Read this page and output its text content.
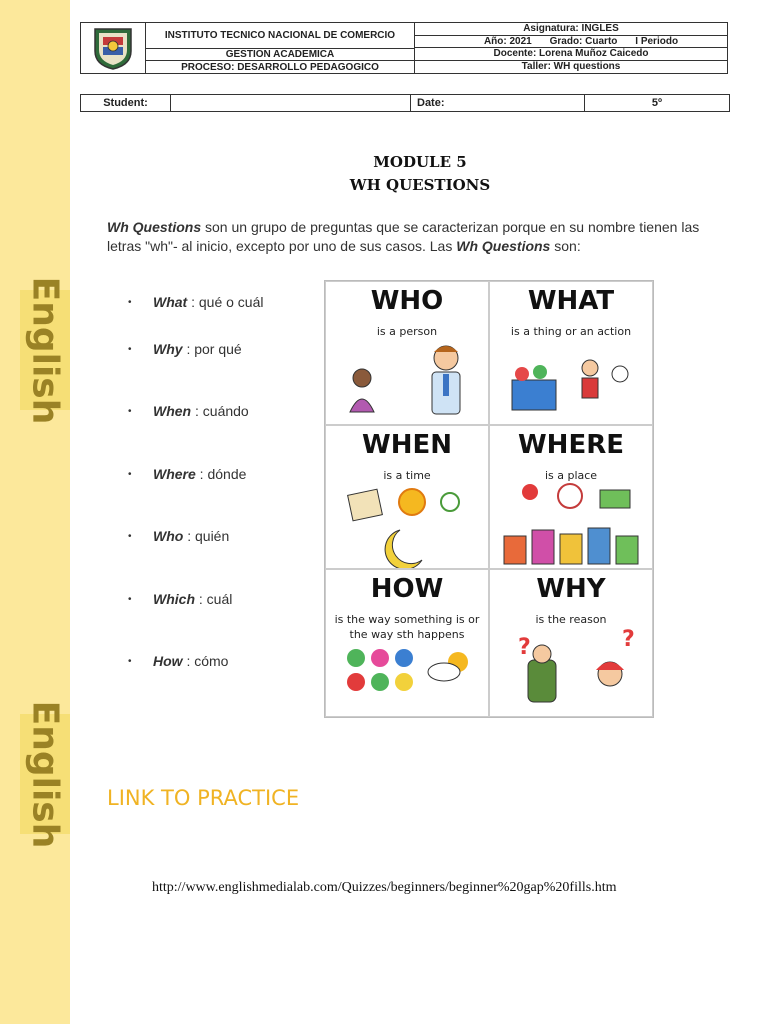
English
English
INSTITUTO TECNICO NACIONAL DE COMERCIO
GESTION ACADEMICA
PROCESO: DESARROLLO PEDAGOGICO
Asignatura: INGLES
Año: 2021 Grado: Cuarto I Periodo
Docente: Lorena Muñoz Caicedo
Taller: WH questions
Student:	Date:	5º
MODULE 5
WH QUESTIONS
Wh Questions son un grupo de preguntas que se caracterizan porque en su nombre tienen las letras "wh"- al inicio, excepto por uno de sus casos. Las Wh Questions son:
• What : qué o cuál
• Why : por qué
• When : cuándo
• Where : dónde
• Who : quién
• Which : cuál
• How : cómo
WHO
is a person
WHAT
is a thing or an action
WHEN
is a time
WHERE
is a place
HOW
is the way something is or the way sth happens
?	?
WHY
is the reason
LINK TO PRACTICE
http://www.englishmedialab.com/Quizzes/beginners/beginner%20gap%20fills.htm
